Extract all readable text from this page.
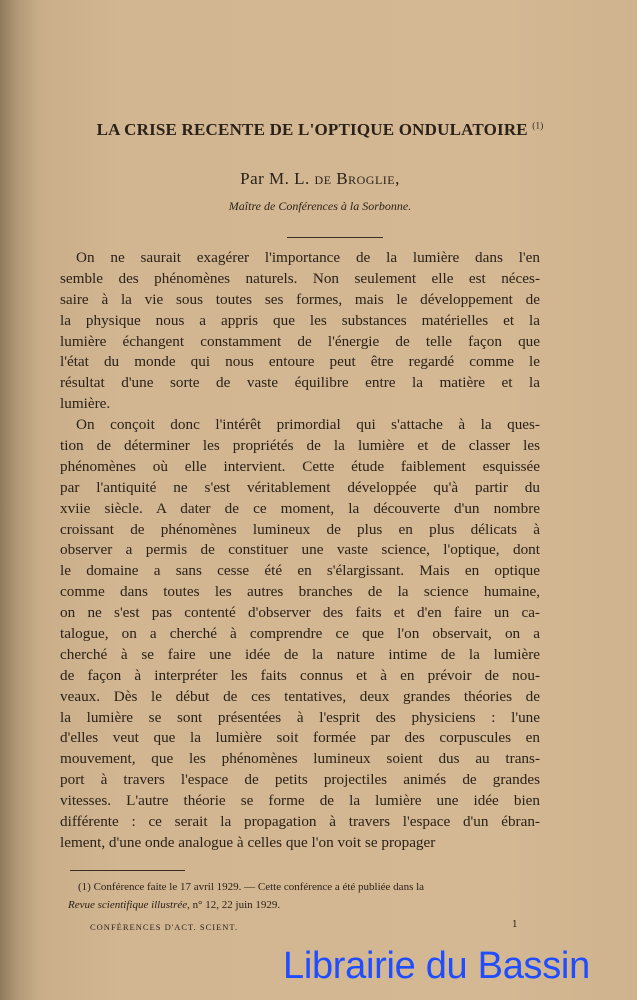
LA CRISE RECENTE DE L'OPTIQUE ONDULATOIRE $^{(1)}$
Par M. L. de Broglie,
Maître de Conférences à la Sorbonne.
On ne saurait exagérer l'importance de la lumière dans l'en
semble des phénomènes naturels. Non seulement elle est néces-
saire à la vie sous toutes ses formes, mais le développement de
la physique nous a appris que les substances matérielles et la
lumière échangent constamment de l'énergie de telle façon que
l'état du monde qui nous entoure peut être regardé comme le
résultat d'une sorte de vaste équilibre entre la matière et la
lumière.
On conçoit donc l'intérêt primordial qui s'attache à la ques-
tion de déterminer les propriétés de la lumière et de classer les
phénomènes où elle intervient. Cette étude faiblement esquissée
par l'antiquité ne s'est véritablement développée qu'à partir du
xviie siècle. A dater de ce moment, la découverte d'un nombre
croissant de phénomènes lumineux de plus en plus délicats à
observer a permis de constituer une vaste science, l'optique, dont
le domaine a sans cesse été en s'élargissant. Mais en optique
comme dans toutes les autres branches de la science humaine,
on ne s'est pas contenté d'observer des faits et d'en faire un ca-
talogue, on a cherché à comprendre ce que l'on observait, on a
cherché à se faire une idée de la nature intime de la lumière
de façon à interpréter les faits connus et à en prévoir de nou-
veaux. Dès le début de ces tentatives, deux grandes théories de
la lumière se sont présentées à l'esprit des physiciens : l'une
d'elles veut que la lumière soit formée par des corpuscules en
mouvement, que les phénomènes lumineux soient dus au trans-
port à travers l'espace de petits projectiles animés de grandes
vitesses. L'autre théorie se forme de la lumière une idée bien
différente : ce serait la propagation à travers l'espace d'un ébran-
lement, d'une onde analogue à celles que l'on voit se propager
(1) Conférence faite le 17 avril 1929. — Cette conférence a été publiée dans la
Revue scientifique illustrée, n° 12, 22 juin 1929.
CONFÉRENCES D'ACT. SCIENT.	1
Librairie du Bassin
